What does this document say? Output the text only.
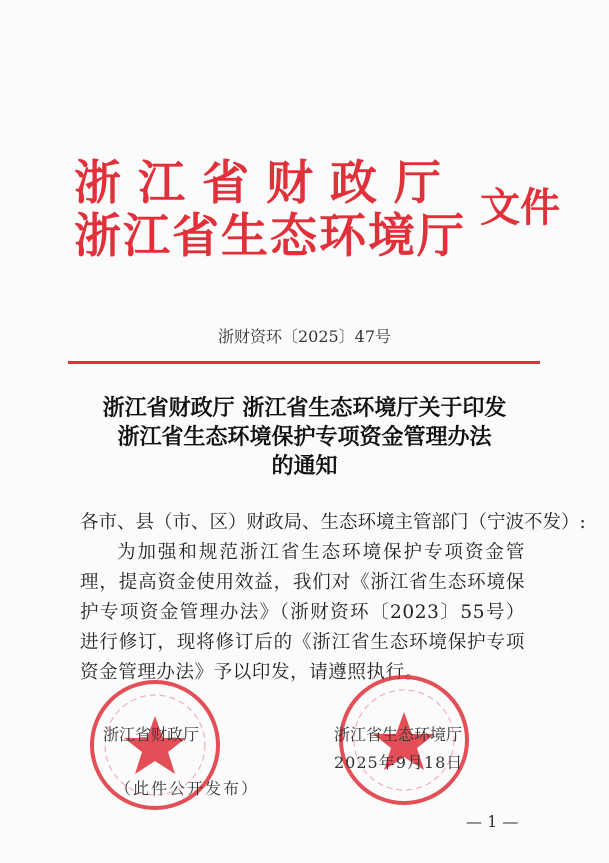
浙江省财政厅
浙江省生态环境厅
文件
浙财资环〔2025〕47号
浙江省财政厅 浙江省生态环境厅关于印发
浙江省生态环境保护专项资金管理办法
的通知
各市、县（市、区）财政局、生态环境主管部门（宁波不发）:
为加强和规范浙江省生态环境保护专项资金管理，提高资金使用效益，我们对《浙江省生态环境保护专项资金管理办法》（浙财资环〔2023〕55号）进行修订，现将修订后的《浙江省生态环境保护专项资金管理办法》予以印发，请遵照执行。
浙江省财政厅	浙江省生态环境厅
2025年9月18日
（此件公开发布）
— 1 —
